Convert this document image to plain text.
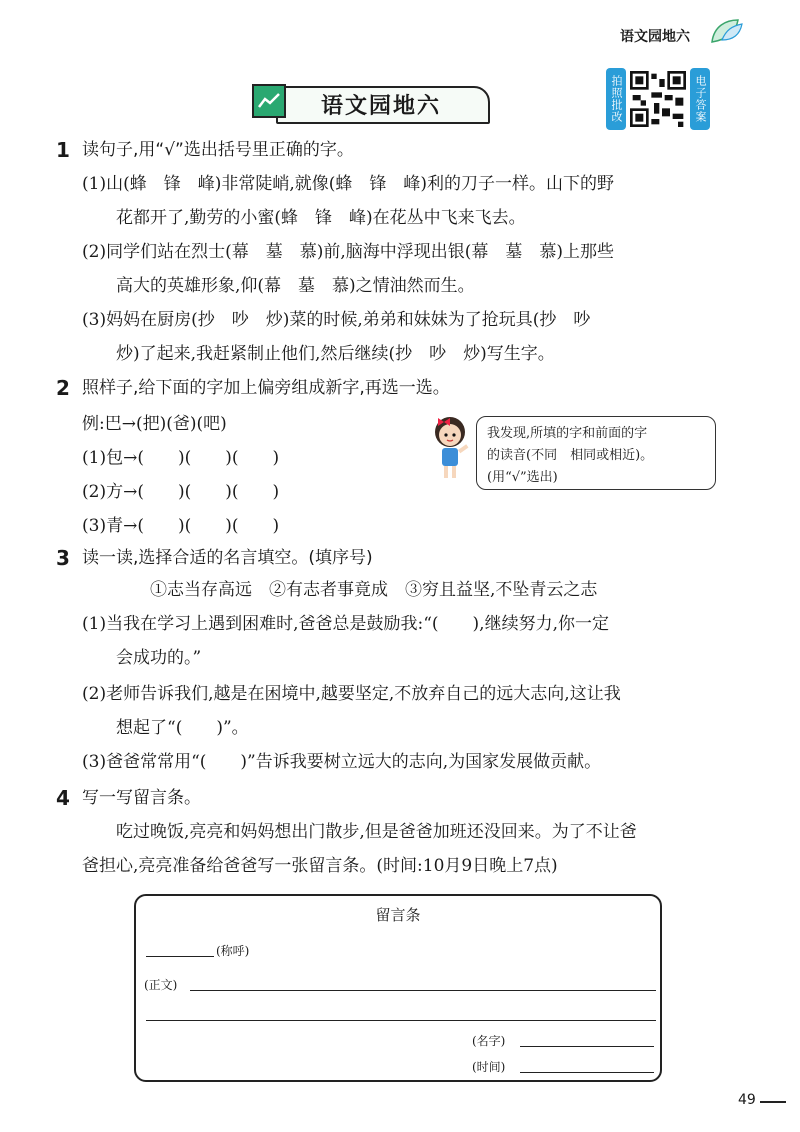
语文园地六
拍照批改	电子答案
语文园地六
1 读句子,用“√”选出括号里正确的字。
(1)山(蜂　锋　峰)非常陡峭,就像(蜂　锋　峰)利的刀子一样。山下的野
花都开了,勤劳的小蜜(蜂　锋　峰)在花丛中飞来飞去。
(2)同学们站在烈士(幕　墓　慕)前,脑海中浮现出银(幕　墓　慕)上那些
高大的英雄形象,仰(幕　墓　慕)之情油然而生。
(3)妈妈在厨房(抄　吵　炒)菜的时候,弟弟和妹妹为了抢玩具(抄　吵
炒)了起来,我赶紧制止他们,然后继续(抄　吵　炒)写生字。
2 照样子,给下面的字加上偏旁组成新字,再选一选。
例:巴→(把)(爸)(吧)
(1)包→(　　)(　　)(　　)
(2)方→(　　)(　　)(　　)
(3)青→(　　)(　　)(　　)
我发现,所填的字和前面的字
的读音(不同　相同或相近)。
(用“√”选出)
3 读一读,选择合适的名言填空。(填序号)
①志当存高远　②有志者事竟成　③穷且益坚,不坠青云之志
(1)当我在学习上遇到困难时,爸爸总是鼓励我:“(　　),继续努力,你一定
会成功的。”
(2)老师告诉我们,越是在困境中,越要坚定,不放弃自己的远大志向,这让我
想起了“(　　)”。
(3)爸爸常常用“(　　)”告诉我要树立远大的志向,为国家发展做贡献。
4 写一写留言条。
吃过晚饭,亮亮和妈妈想出门散步,但是爸爸加班还没回来。为了不让爸
爸担心,亮亮准备给爸爸写一张留言条。(时间:10月9日晚上7点)
留言条
(称呼)
(正文)
(名字)
(时间)
49
